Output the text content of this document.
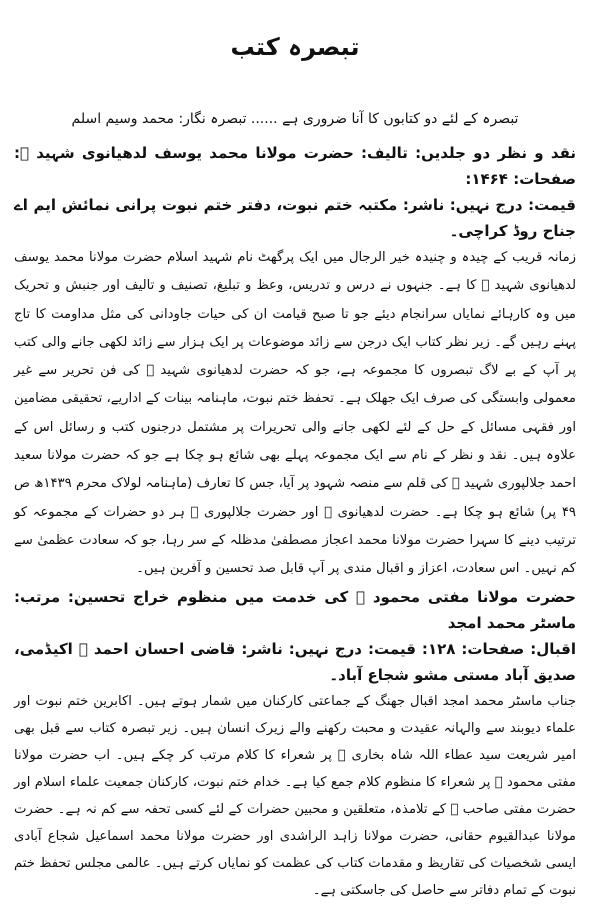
تبصرہ کتب

تبصرہ کے لئے دو کتابوں کا آنا ضروری ہے ...... تبصرہ نگار: محمد وسیم اسلم

نقد و نظر دو جلدیں: تالیف: حضرت مولانا محمد یوسف لدھیانوی شہید ﷫: صفحات: ۱۴۶۴:

قیمت: درج نہیں: ناشر: مکتبہ ختم نبوت، دفتر ختم نبوت پرانی نمائش ایم اے جناح روڈ کراچی۔

زمانہ قریب کے چیدہ و چنیدہ خیر الرجال میں ایک پرگھٹ نام شہید اسلام حضرت مولانا محمد یوسف لدھیانوی شہید ﷫ کا ہے۔ جنہوں نے درس و تدریس، وعظ و تبلیغ، تصنیف و تالیف اور جنبش و تحریک میں وہ کارہائے نمایاں سرانجام دیئے جو تا صبح قیامت ان کی حیات جاودانی کی مثل مداومت کا تاج پہنے رہیں گے۔ زیر نظر کتاب ایک درجن سے زائد موضوعات پر ایک ہزار سے زائد لکھی جانے والی کتب پر آپ کے بے لاگ تبصروں کا مجموعہ ہے، جو کہ حضرت لدھیانوی شہید ﷫ کی فن تحریر سے غیر معمولی وابستگی کی صرف ایک جھلک ہے۔ تحفظ ختم نبوت، ماہنامہ بینات کے اداریے، تحقیقی مضامین اور فقہی مسائل کے حل کے لئے لکھی جانے والی تحریرات پر مشتمل درجنوں کتب و رسائل اس کے علاوہ ہیں۔ نقد و نظر کے نام سے ایک مجموعہ پہلے بھی شائع ہو چکا ہے جو کہ حضرت مولانا سعید احمد جلالپوری شہید ﷫ کی قلم سے منصہ شہود پر آیا، جس کا تعارف (ماہنامہ لولاک محرم ۱۴۳۹ھ ص ۴۹ پر) شائع ہو چکا ہے۔ حضرت لدھیانوی ﷫ اور حضرت جلالپوری ﷫ ہر دو حضرات کے مجموعہ کو ترتیب دینے کا سہرا حضرت مولانا محمد اعجاز مصطفیٰ مدظلہ کے سر رہا، جو کہ سعادت عظمیٰ سے کم نہیں۔ اس سعادت، اعزاز و اقبال مندی پر آپ قابل صد تحسین و آفرین ہیں۔

حضرت مولانا مفتی محمود ﷫ کی خدمت میں منظوم خراج تحسین: مرتب: ماسٹر محمد امجد

اقبال: صفحات: ۱۲۸: قیمت: درج نہیں: ناشر: قاضی احسان احمد ﷫ اکیڈمی، صدیق آباد مستی مشو شجاع آباد۔

جناب ماسٹر محمد امجد اقبال جھنگ کے جماعتی کارکنان میں شمار ہوتے ہیں۔ اکابرین ختم نبوت اور علماء دیوبند سے والہانہ عقیدت و محبت رکھنے والے زیرک انسان ہیں۔ زیر تبصرہ کتاب سے قبل بھی امیر شریعت سید عطاء اللہ شاہ بخاری ﷫ پر شعراء کا کلام مرتب کر چکے ہیں۔ اب حضرت مولانا مفتی محمود ﷫ پر شعراء کا منظوم کلام جمع کیا ہے۔ خدام ختم نبوت، کارکنان جمعیت علماء اسلام اور حضرت مفتی صاحب ﷫ کے تلامذہ، متعلقین و محبین حضرات کے لئے کسی تحفہ سے کم نہ ہے۔ حضرت مولانا عبدالقیوم حقانی، حضرت مولانا زاہد الراشدی اور حضرت مولانا محمد اسماعیل شجاع آبادی ایسی شخصیات کی تقاریظ و مقدمات کتاب کی عظمت کو نمایاں کرتے ہیں۔ عالمی مجلس تحفظ ختم نبوت کے تمام دفاتر سے حاصل کی جاسکتی ہے۔
